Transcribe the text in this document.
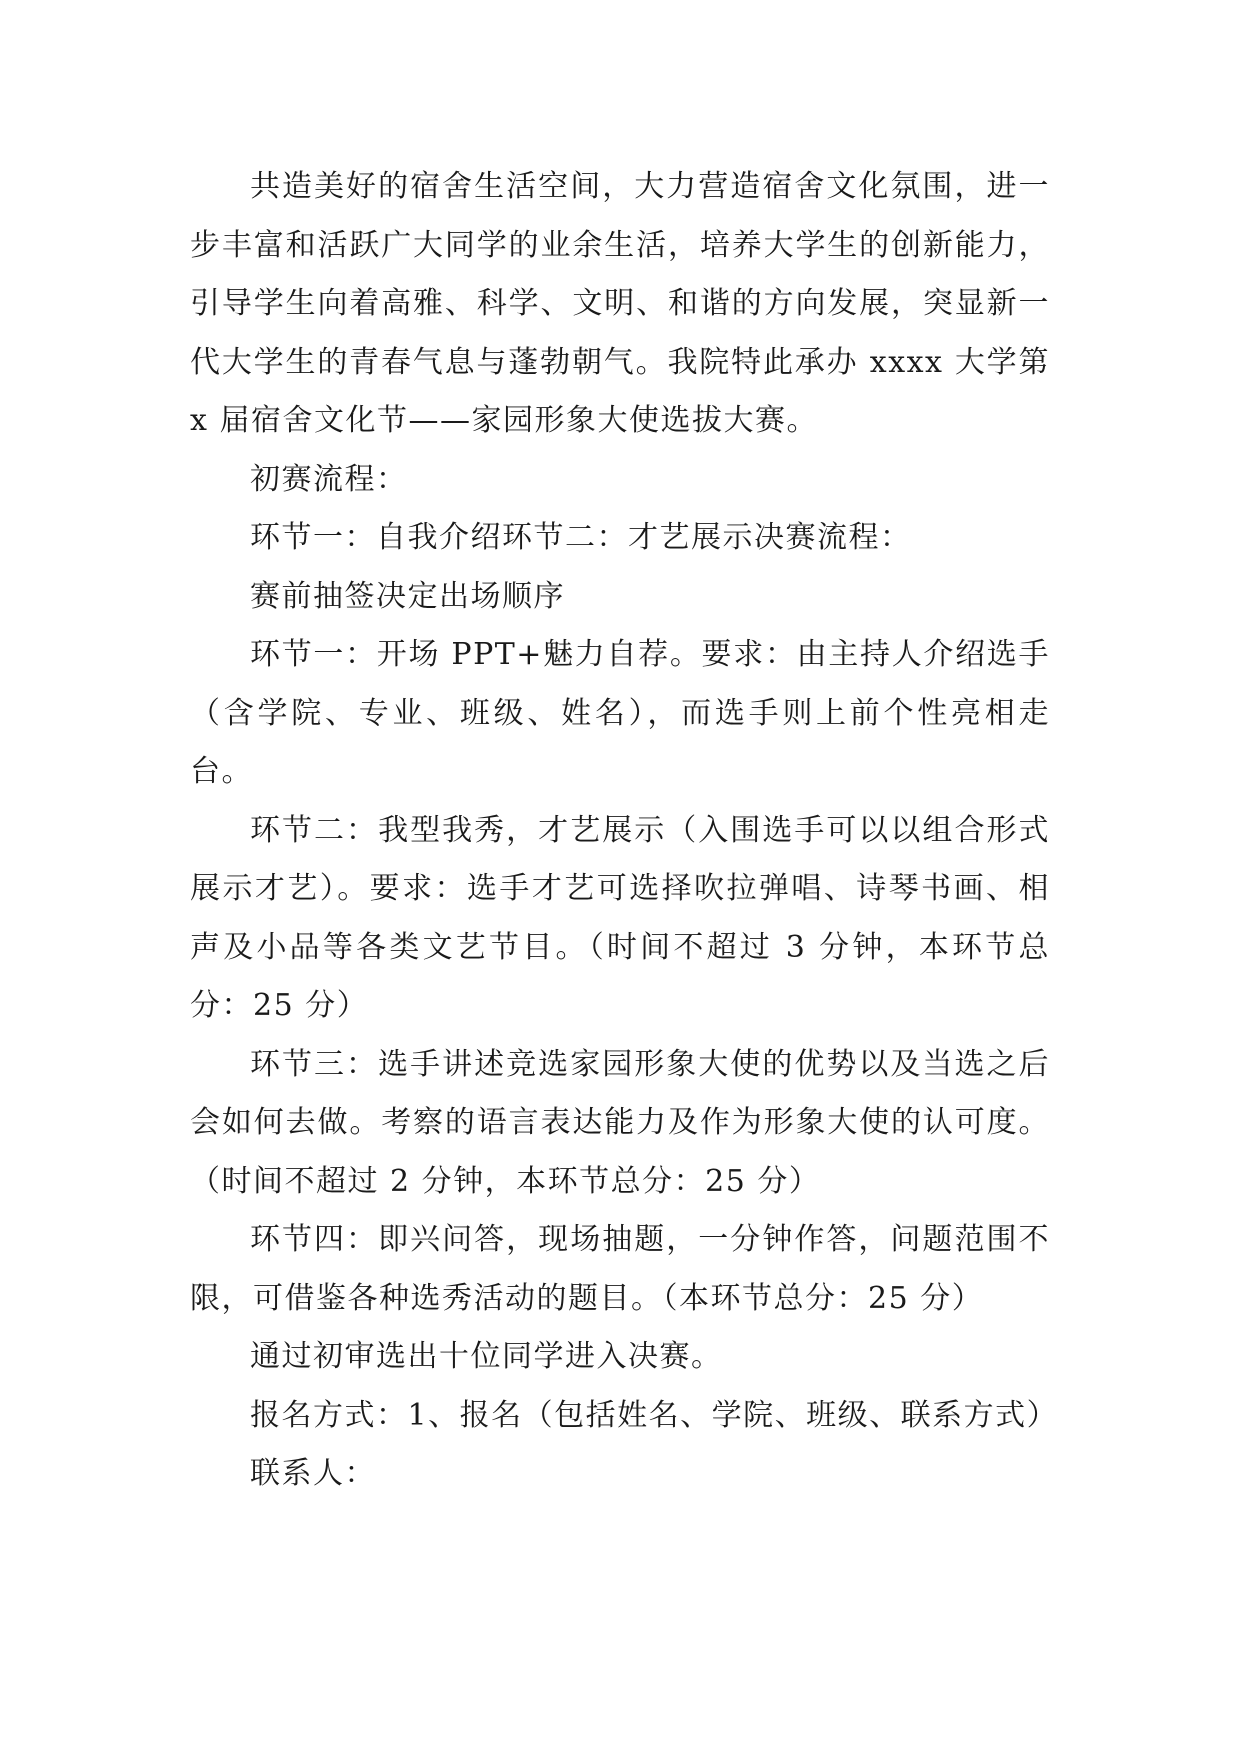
共造美好的宿舍生活空间，大力营造宿舍文化氛围，进一步丰富和活跃广大同学的业余生活，培养大学生的创新能力，引导学生向着高雅、科学、文明、和谐的方向发展，突显新一代大学生的青春气息与蓬勃朝气。我院特此承办 xxxx 大学第 x 届宿舍文化节——家园形象大使选拔大赛。

初赛流程：

环节一：自我介绍环节二：才艺展示决赛流程：

赛前抽签决定出场顺序

环节一：开场 PPT+魅力自荐。要求：由主持人介绍选手（含学院、专业、班级、姓名），而选手则上前个性亮相走台。

环节二：我型我秀，才艺展示（入围选手可以以组合形式展示才艺）。要求：选手才艺可选择吹拉弹唱、诗琴书画、相声及小品等各类文艺节目。（时间不超过 3 分钟，本环节总分：25 分）

环节三：选手讲述竞选家园形象大使的优势以及当选之后会如何去做。考察的语言表达能力及作为形象大使的认可度。（时间不超过 2 分钟，本环节总分：25 分）

环节四：即兴问答，现场抽题，一分钟作答，问题范围不限，可借鉴各种选秀活动的题目。（本环节总分：25 分）

通过初审选出十位同学进入决赛。

报名方式：1、报名（包括姓名、学院、班级、联系方式）

联系人：
